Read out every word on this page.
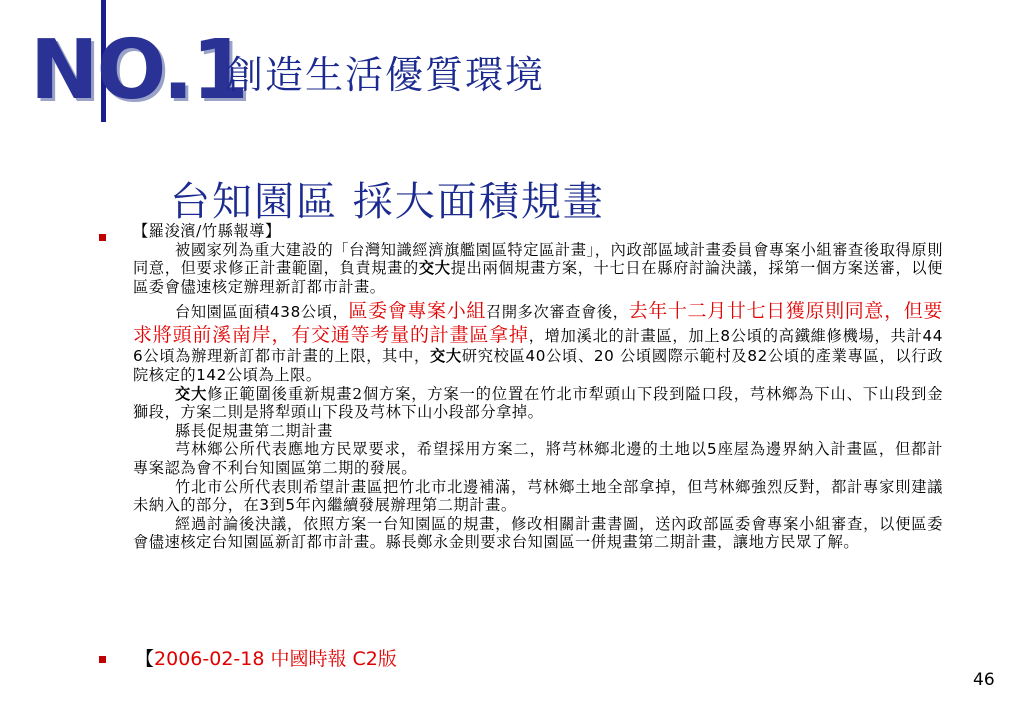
NO.1
創造生活優質環境
台知園區 採大面積規畫

【羅浚濱/竹縣報導】

被國家列為重大建設的「台灣知識經濟旗艦園區特定區計畫」，內政部區域計畫委員會專案小組審查後取得原則同意，但要求修正計畫範圍，負責規畫的交大提出兩個規畫方案，十七日在縣府討論決議，採第一個方案送審，以便區委會儘速核定辦理新訂都市計畫。

台知園區面積438公頃，區委會專案小組召開多次審查會後，去年十二月廿七日獲原則同意，但要求將頭前溪南岸，有交通等考量的計畫區拿掉，增加溪北的計畫區，加上8公頃的高鐵維修機場，共計44 6公頃為辦理新訂都市計畫的上限，其中，交大研究校區40公頃、20 公頃國際示範村及82公頃的產業專區，以行政院核定的142公頃為上限。

交大修正範圍後重新規畫2個方案，方案一的位置在竹北市犁頭山下段到隘口段，芎林鄉為下山、下山段到金獅段，方案二則是將犁頭山下段及芎林下山小段部分拿掉。

縣長促規畫第二期計畫

芎林鄉公所代表應地方民眾要求，希望採用方案二，將芎林鄉北邊的土地以5座屋為邊界納入計畫區，但都計專案認為會不利台知園區第二期的發展。

竹北市公所代表則希望計畫區把竹北市北邊補滿，芎林鄉土地全部拿掉，但芎林鄉強烈反對，都計專家則建議未納入的部分，在3到5年內繼續發展辦理第二期計畫。

經過討論後決議，依照方案一台知園區的規畫，修改相關計畫書圖，送內政部區委會專案小組審查，以便區委會儘速核定台知園區新訂都市計畫。縣長鄭永金則要求台知園區一併規畫第二期計畫，讓地方民眾了解。

【2006-02-18 中國時報 C2版
46
